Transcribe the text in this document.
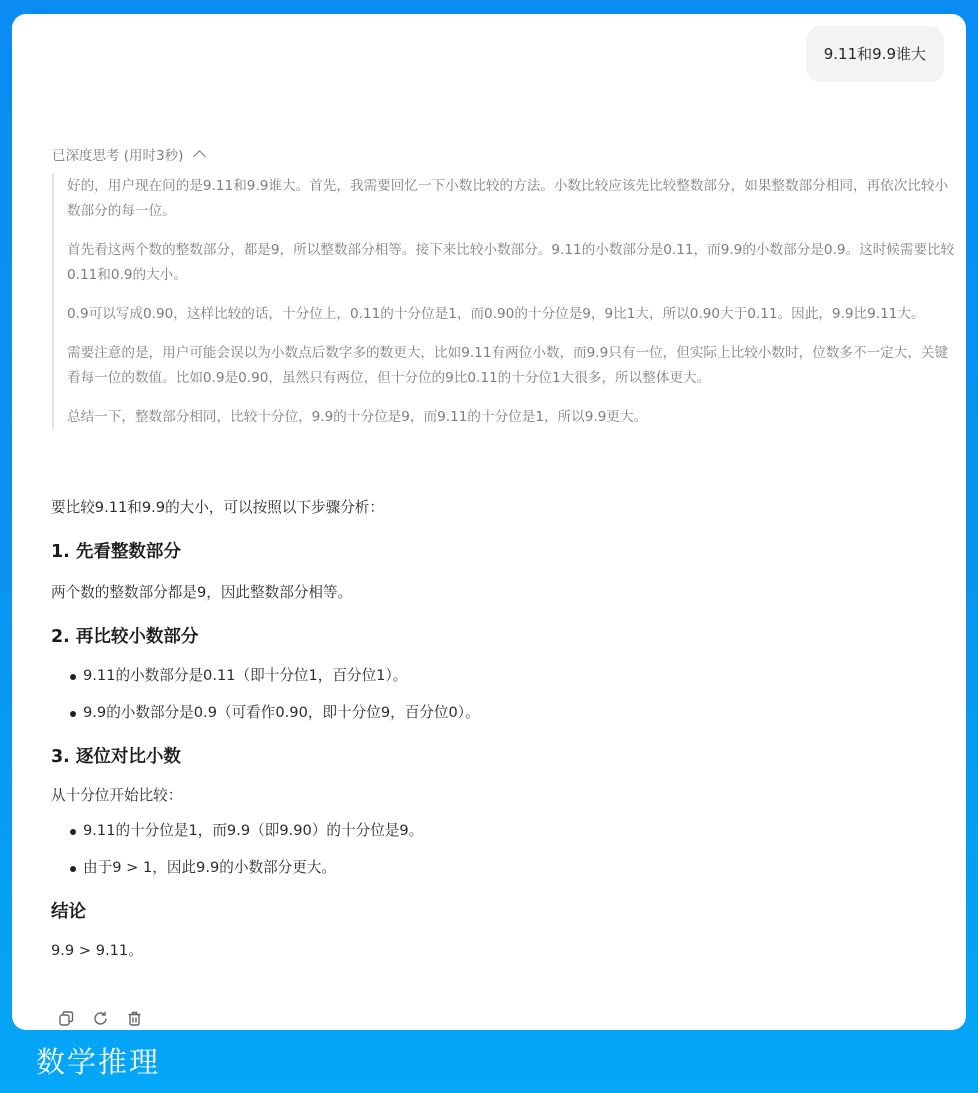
9.11和9.9谁大
已深度思考 (用时3秒)

好的，用户现在问的是9.11和9.9谁大。首先，我需要回忆一下小数比较的方法。小数比较应该先比较整数部分，如果整数部分相同，再依次比较小数部分的每一位。

首先看这两个数的整数部分，都是9，所以整数部分相等。接下来比较小数部分。9.11的小数部分是0.11，而9.9的小数部分是0.9。这时候需要比较0.11和0.9的大小。

0.9可以写成0.90，这样比较的话，十分位上，0.11的十分位是1，而0.90的十分位是9，9比1大，所以0.90大于0.11。因此，9.9比9.11大。

需要注意的是，用户可能会误以为小数点后数字多的数更大，比如9.11有两位小数，而9.9只有一位，但实际上比较小数时，位数多不一定大，关键看每一位的数值。比如0.9是0.90，虽然只有两位，但十分位的9比0.11的十分位1大很多，所以整体更大。

总结一下，整数部分相同，比较十分位，9.9的十分位是9，而9.11的十分位是1，所以9.9更大。

要比较9.11和9.9的大小，可以按照以下步骤分析：

1. 先看整数部分

两个数的整数部分都是9，因此整数部分相等。

2. 再比较小数部分
9.11的小数部分是0.11（即十分位1，百分位1）。
9.9的小数部分是0.9（可看作0.90，即十分位9，百分位0）。
3. 逐位对比小数

从十分位开始比较：

9.11的十分位是1，而9.9（即9.90）的十分位是9。
由于9 > 1，因此9.9的小数部分更大。
结论

9.9 > 9.11。

数学推理
